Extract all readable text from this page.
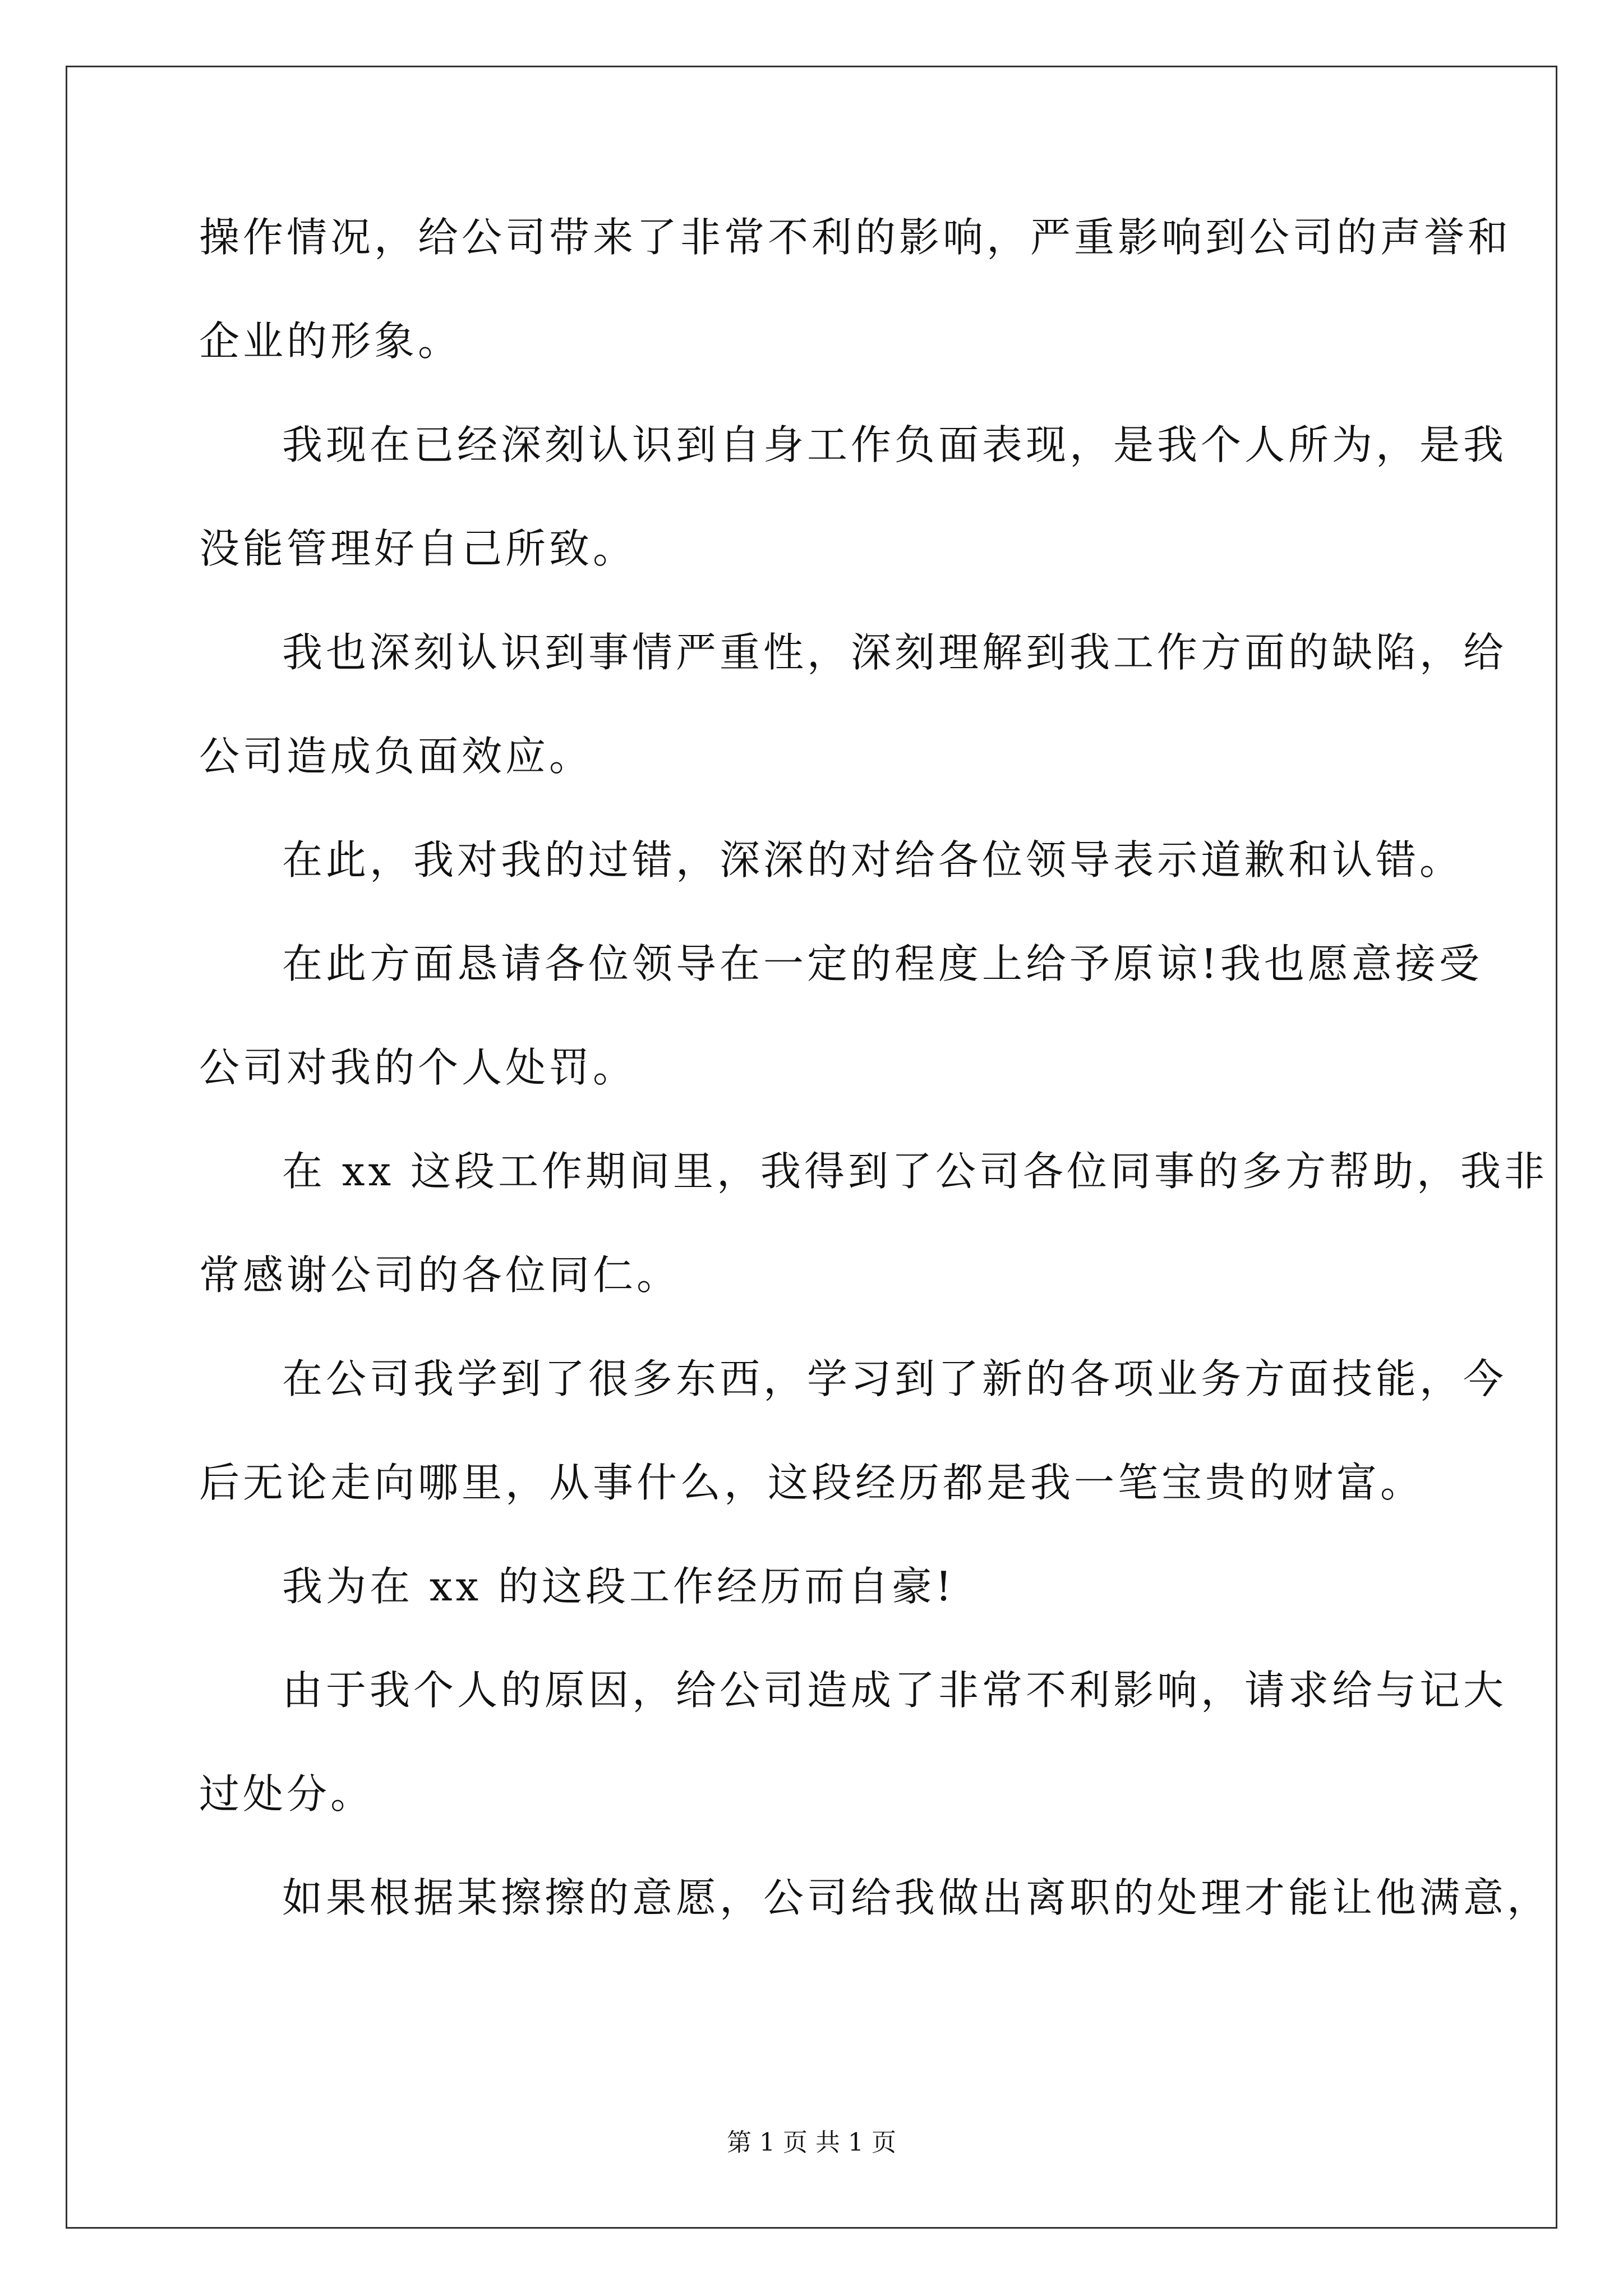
操作情况，给公司带来了非常不利的影响，严重影响到公司的声誉和
企业的形象。
我现在已经深刻认识到自身工作负面表现，是我个人所为，是我
没能管理好自己所致。
我也深刻认识到事情严重性，深刻理解到我工作方面的缺陷，给
公司造成负面效应。
在此，我对我的过错，深深的对给各位领导表示道歉和认错。
在此方面恳请各位领导在一定的程度上给予原谅!我也愿意接受
公司对我的个人处罚。
在 xx 这段工作期间里，我得到了公司各位同事的多方帮助，我非
常感谢公司的各位同仁。
在公司我学到了很多东西，学习到了新的各项业务方面技能，今
后无论走向哪里，从事什么，这段经历都是我一笔宝贵的财富。
我为在 xx 的这段工作经历而自豪!
由于我个人的原因，给公司造成了非常不利影响，请求给与记大
过处分。
如果根据某擦擦的意愿，公司给我做出离职的处理才能让他满意，
第 1 页 共 1 页
